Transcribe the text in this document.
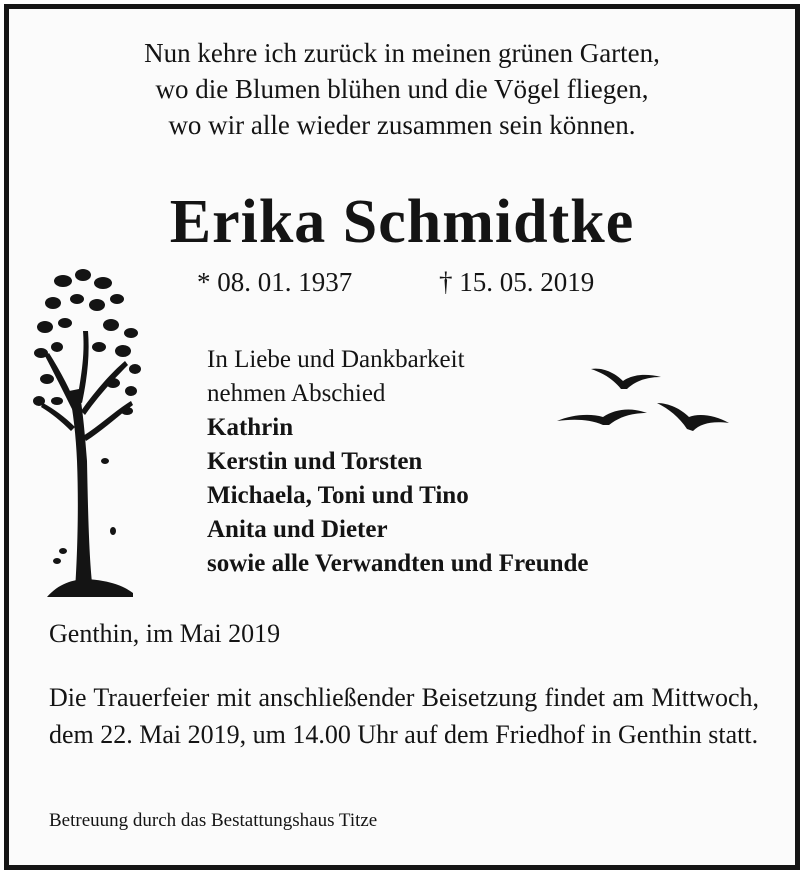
Nun kehre ich zurück in meinen grünen Garten,
wo die Blumen blühen und die Vögel fliegen,
wo wir alle wieder zusammen sein können.
Erika Schmidtke
* 08. 01. 1937	† 15. 05. 2019
In Liebe und Dankbarkeit
nehmen Abschied
Kathrin
Kerstin und Torsten
Michaela, Toni und Tino
Anita und Dieter
sowie alle Verwandten und Freunde
Genthin, im Mai 2019
Die Trauerfeier mit anschließender Beisetzung findet am Mittwoch, dem 22. Mai 2019, um 14.00 Uhr auf dem Friedhof in Genthin statt.
Betreuung durch das Bestattungshaus Titze
